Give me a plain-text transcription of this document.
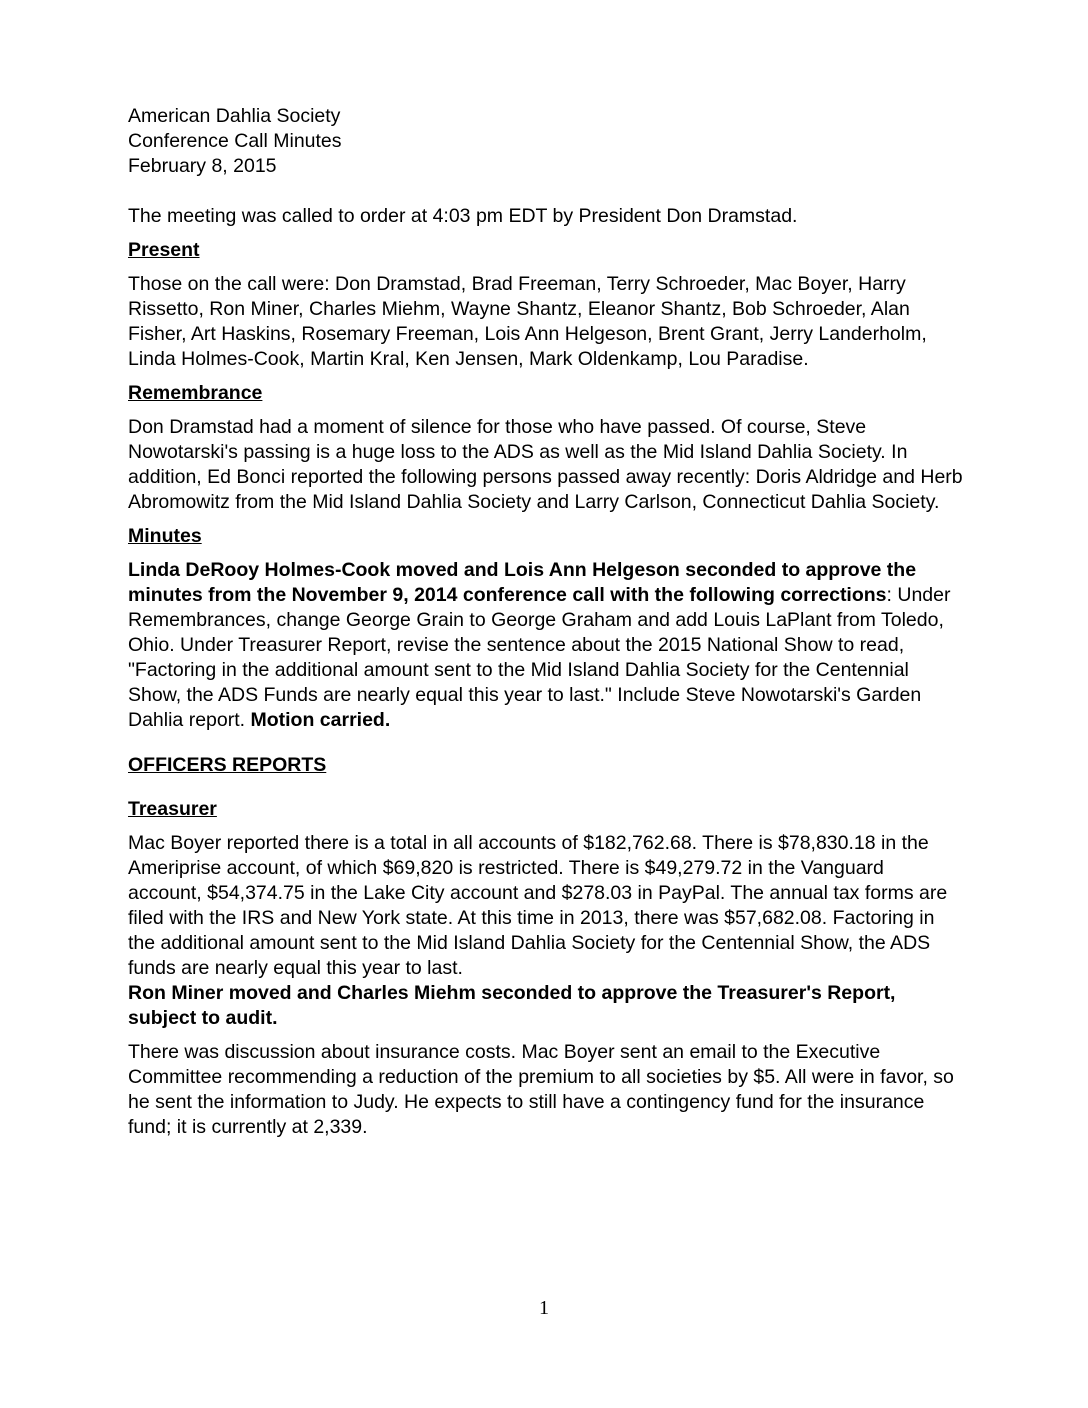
American Dahlia Society
Conference Call Minutes
February 8, 2015

The meeting was called to order at 4:03 pm EDT by President Don Dramstad.

Present

Those on the call were: Don Dramstad, Brad Freeman, Terry Schroeder, Mac Boyer, Harry Rissetto, Ron Miner, Charles Miehm, Wayne Shantz, Eleanor Shantz, Bob Schroeder, Alan Fisher, Art Haskins, Rosemary Freeman, Lois Ann Helgeson, Brent Grant, Jerry Landerholm, Linda Holmes-Cook, Martin Kral, Ken Jensen, Mark Oldenkamp, Lou Paradise.

Remembrance

Don Dramstad had a moment of silence for those who have passed. Of course, Steve Nowotarski's passing is a huge loss to the ADS as well as the Mid Island Dahlia Society. In addition, Ed Bonci reported the following persons passed away recently: Doris Aldridge and Herb Abromowitz from the Mid Island Dahlia Society and Larry Carlson, Connecticut Dahlia Society.

Minutes

Linda DeRooy Holmes-Cook moved and Lois Ann Helgeson seconded to approve the minutes from the November 9, 2014 conference call with the following corrections: Under Remembrances, change George Grain to George Graham and add Louis LaPlant from Toledo, Ohio. Under Treasurer Report, revise the sentence about the 2015 National Show to read, "Factoring in the additional amount sent to the Mid Island Dahlia Society for the Centennial Show, the ADS Funds are nearly equal this year to last." Include Steve Nowotarski's Garden Dahlia report. Motion carried.

OFFICERS REPORTS

Treasurer

Mac Boyer reported there is a total in all accounts of $182,762.68. There is $78,830.18 in the Ameriprise account, of which $69,820 is restricted. There is $49,279.72 in the Vanguard account, $54,374.75 in the Lake City account and $278.03 in PayPal. The annual tax forms are filed with the IRS and New York state. At this time in 2013, there was $57,682.08. Factoring in the additional amount sent to the Mid Island Dahlia Society for the Centennial Show, the ADS funds are nearly equal this year to last.

Ron Miner moved and Charles Miehm seconded to approve the Treasurer's Report, subject to audit.

There was discussion about insurance costs. Mac Boyer sent an email to the Executive Committee recommending a reduction of the premium to all societies by $5. All were in favor, so he sent the information to Judy. He expects to still have a contingency fund for the insurance fund; it is currently at 2,339.

1
